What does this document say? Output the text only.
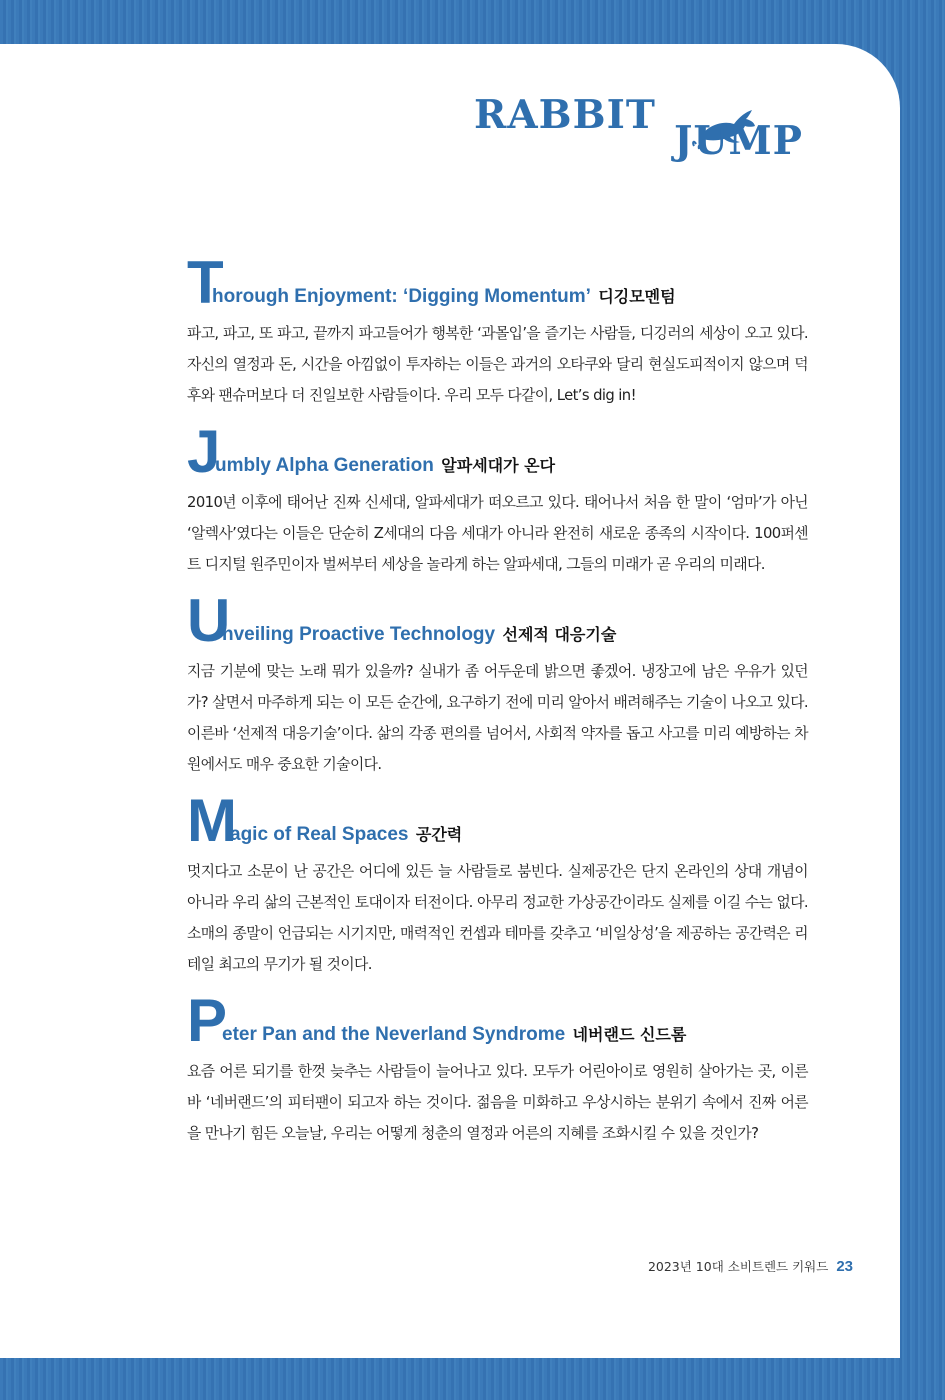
RABBIT
JUMP
T
horough Enjoyment: ‘Digging Momentum’ 디깅모멘텀

파고, 파고, 또 파고, 끝까지 파고들어가 행복한 ‘과몰입’을 즐기는 사람들, 디깅러의 세상이 오고 있다. 자신의 열정과 돈, 시간을 아낌없이 투자하는 이들은 과거의 오타쿠와 달리 현실도피적이지 않으며 덕후와 팬슈머보다 더 진일보한 사람들이다. 우리 모두 다같이, Let’s dig in!

J
umbly Alpha Generation 알파세대가 온다

2010년 이후에 태어난 진짜 신세대, 알파세대가 떠오르고 있다. 태어나서 처음 한 말이 ‘엄마’가 아닌 ‘알렉사’였다는 이들은 단순히 Z세대의 다음 세대가 아니라 완전히 새로운 종족의 시작이다. 100퍼센트 디지털 원주민이자 벌써부터 세상을 놀라게 하는 알파세대, 그들의 미래가 곧 우리의 미래다.

U
nveiling Proactive Technology 선제적 대응기술

지금 기분에 맞는 노래 뭐가 있을까? 실내가 좀 어두운데 밝으면 좋겠어. 냉장고에 남은 우유가 있던가? 살면서 마주하게 되는 이 모든 순간에, 요구하기 전에 미리 알아서 배려해주는 기술이 나오고 있다. 이른바 ‘선제적 대응기술’이다. 삶의 각종 편의를 넘어서, 사회적 약자를 돕고 사고를 미리 예방하는 차원에서도 매우 중요한 기술이다.

M
agic of Real Spaces 공간력

멋지다고 소문이 난 공간은 어디에 있든 늘 사람들로 붐빈다. 실제공간은 단지 온라인의 상대 개념이 아니라 우리 삶의 근본적인 토대이자 터전이다. 아무리 정교한 가상공간이라도 실제를 이길 수는 없다. 소매의 종말이 언급되는 시기지만, 매력적인 컨셉과 테마를 갖추고 ‘비일상성’을 제공하는 공간력은 리테일 최고의 무기가 될 것이다.

P
eter Pan and the Neverland Syndrome 네버랜드 신드롬

요즘 어른 되기를 한껏 늦추는 사람들이 늘어나고 있다. 모두가 어린아이로 영원히 살아가는 곳, 이른바 ‘네버랜드’의 피터팬이 되고자 하는 것이다. 젊음을 미화하고 우상시하는 분위기 속에서 진짜 어른을 만나기 힘든 오늘날, 우리는 어떻게 청춘의 열정과 어른의 지혜를 조화시킬 수 있을 것인가?

2023년 10대 소비트렌드 키워드 23
